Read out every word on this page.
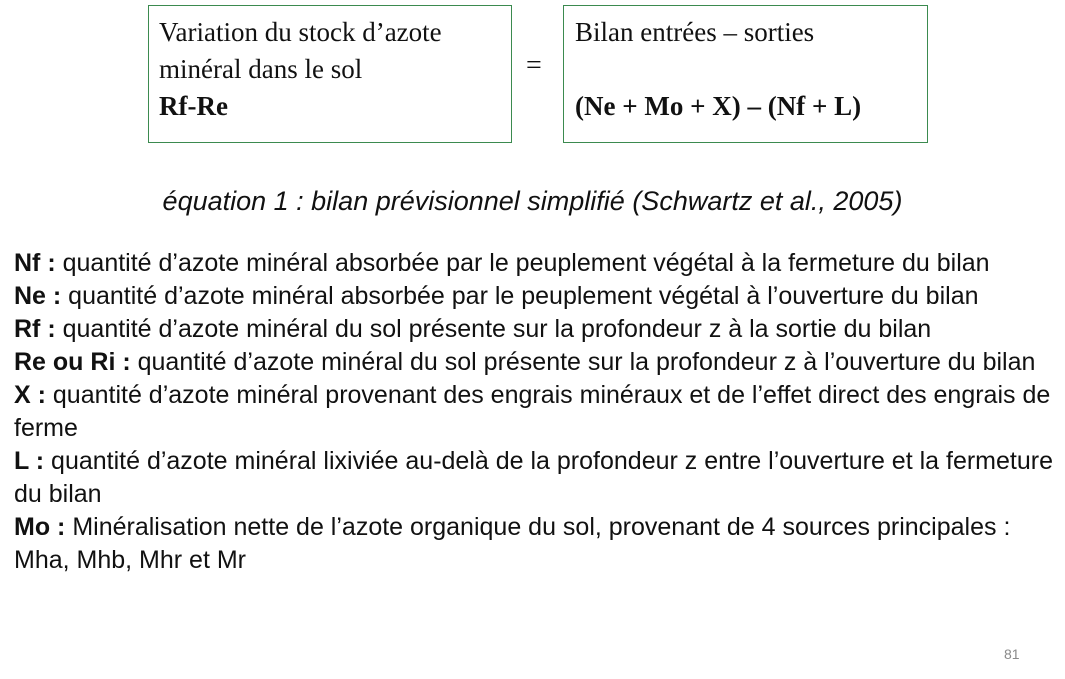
Variation du stock d’azote
minéral dans le sol
Rf-Re
=
Bilan entrées – sorties
(Ne + Mo + X) – (Nf + L)
équation 1 : bilan prévisionnel simplifié (Schwartz et al., 2005)

Nf : quantité d’azote minéral absorbée par le peuplement végétal à la fermeture du bilan

Ne : quantité d’azote minéral absorbée par le peuplement végétal à l’ouverture du bilan

Rf : quantité d’azote minéral du sol présente sur la profondeur z à la sortie du bilan

Re ou Ri : quantité d’azote minéral du sol présente sur la profondeur z à l’ouverture du bilan

X : quantité d’azote minéral provenant des engrais minéraux et de l’effet direct des engrais de ferme

L : quantité d’azote minéral lixiviée au-delà de la profondeur z entre l’ouverture et la fermeture du bilan

Mo : Minéralisation nette de l’azote organique du sol, provenant de 4 sources principales : Mha, Mhb, Mhr et Mr

81
